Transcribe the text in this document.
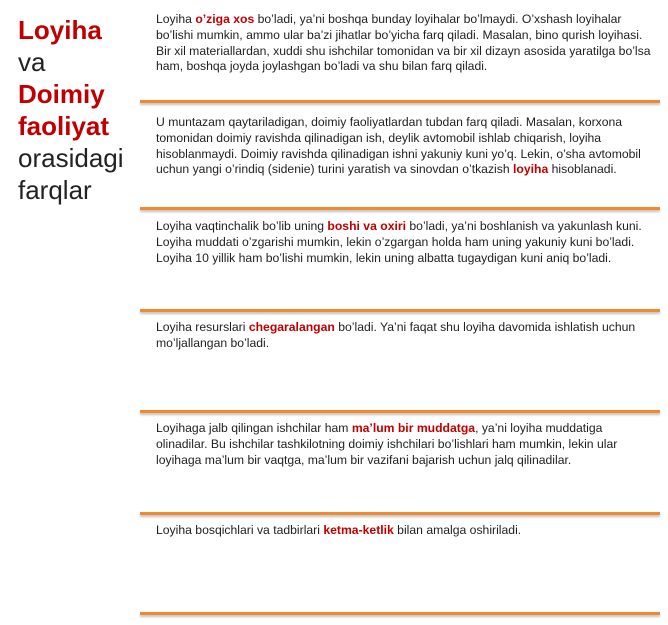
Loyiha
va
Doimiy
faoliyat
orasidagi
farqlar
Loyiha o’ziga xos bo’ladi, ya’ni boshqa bunday loyihalar bo’lmaydi. O’xshash loyihalar bo’lishi mumkin, ammo ular ba’zi jihatlar bo’yicha farq qiladi. Masalan, bino qurish loyihasi. Bir xil materiallardan, xuddi shu ishchilar tomonidan va bir xil dizayn asosida yaratilga bo’lsa ham, boshqa joyda joylashgan bo’ladi va shu bilan farq qiladi.
U muntazam qaytariladigan, doimiy faoliyatlardan tubdan farq qiladi. Masalan, korxona tomonidan doimiy ravishda qilinadigan ish, deylik avtomobil ishlab chiqarish, loyiha hisoblanmaydi. Doimiy ravishda qilinadigan ishni yakuniy kuni yo’q. Lekin, o’sha avtomobil uchun yangi o’rindiq (sidenie) turini yaratish va sinovdan o’tkazish loyiha hisoblanadi.
Loyiha vaqtinchalik bo’lib uning boshi va oxiri bo’ladi, ya’ni boshlanish va yakunlash kuni. Loyiha muddati o’zgarishi mumkin, lekin o’zgargan holda ham uning yakuniy kuni bo’ladi. Loyiha 10 yillik ham bo’lishi mumkin, lekin uning albatta tugaydigan kuni aniq bo’ladi.
Loyiha resurslari chegaralangan bo’ladi. Ya’ni faqat shu loyiha davomida ishlatish uchun mo’ljallangan bo’ladi.
Loyihaga jalb qilingan ishchilar ham ma’lum bir muddatga, ya’ni loyiha muddatiga olinadilar. Bu ishchilar tashkilotning doimiy ishchilari bo’lishlari ham mumkin, lekin ular loyihaga ma’lum bir vaqtga, ma’lum bir vazifani bajarish uchun jalq qilinadilar.
Loyiha bosqichlari va tadbirlari ketma-ketlik bilan amalga oshiriladi.
